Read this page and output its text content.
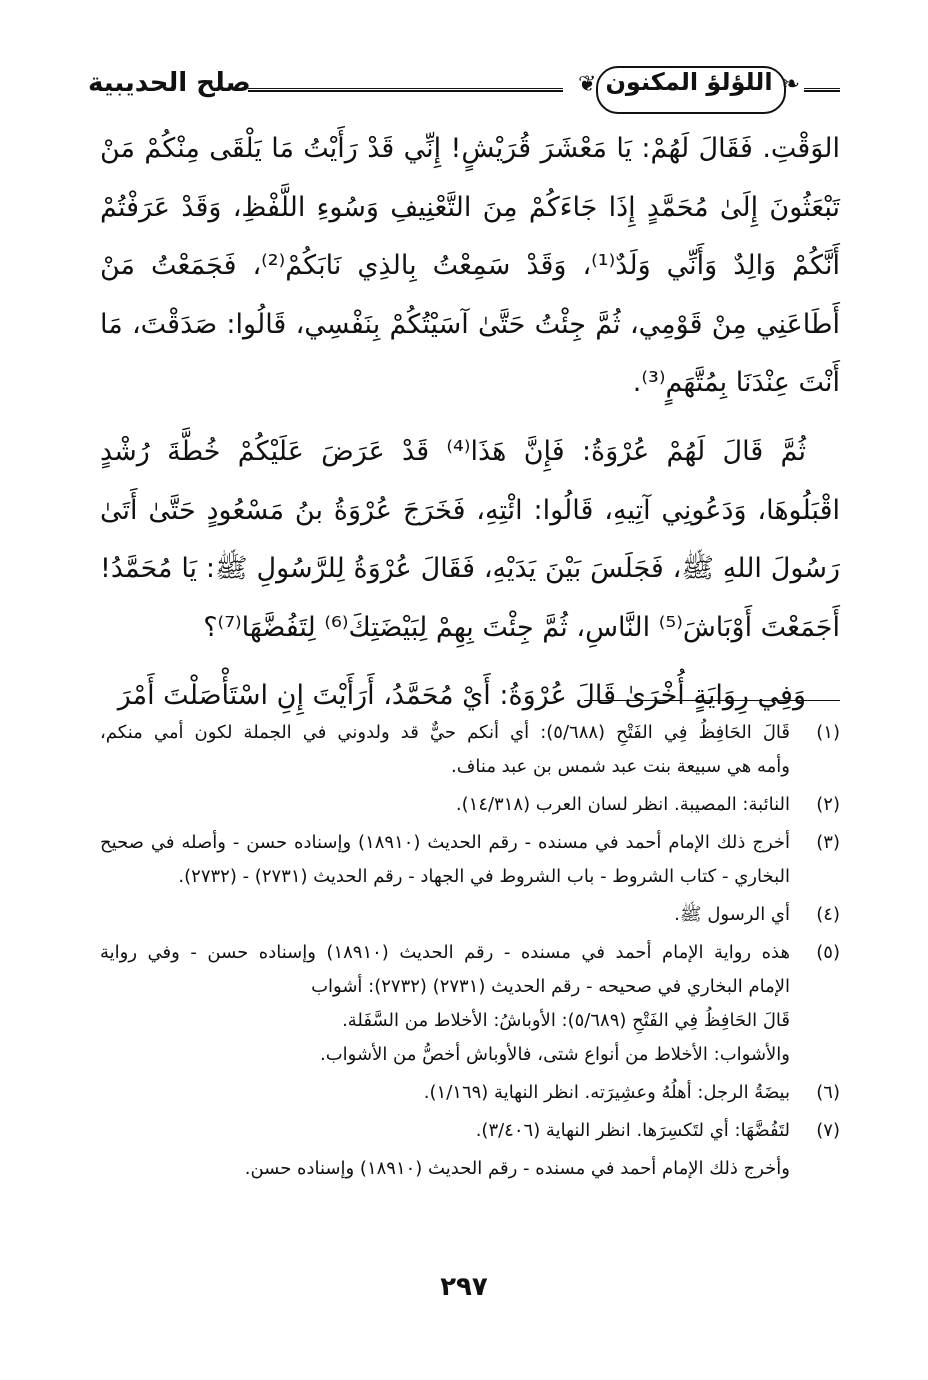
صلح الحديبية	❦ اللؤلؤ المكنون ❧

الوَقْتِ. فَقَالَ لَهُمْ: يَا مَعْشَرَ قُرَيْشٍ! إِنِّي قَدْ رَأَيْتُ مَا يَلْقَى مِنْكُمْ مَنْ تَبْعَثُونَ إِلَىٰ مُحَمَّدٍ إِذَا جَاءَكُمْ مِنَ التَّعْنِيفِ وَسُوءِ اللَّفْظِ، وَقَدْ عَرَفْتُمْ أَنَّكُمْ وَالِدٌ وَأَنِّي وَلَدٌ⁽¹⁾، وَقَدْ سَمِعْتُ بِالذِي نَابَكُمْ⁽²⁾، فَجَمَعْتُ مَنْ أَطَاعَنِي مِنْ قَوْمِي، ثُمَّ جِئْتُ حَتَّىٰ آسَيْتُكُمْ بِنَفْسِي، قَالُوا: صَدَقْتَ، مَا أَنْتَ عِنْدَنَا بِمُتَّهَمٍ⁽³⁾.

ثُمَّ قَالَ لَهُمْ عُرْوَةُ: فَإِنَّ هَذَا⁽⁴⁾ قَدْ عَرَضَ عَلَيْكُمْ خُطَّةَ رُشْدٍ اقْبَلُوهَا، وَدَعُونِي آتِيهِ، قَالُوا: ائْتِهِ، فَخَرَجَ عُرْوَةُ بنُ مَسْعُودٍ حَتَّىٰ أَتَىٰ رَسُولَ اللهِ ﷺ، فَجَلَسَ بَيْنَ يَدَيْهِ، فَقَالَ عُرْوَةُ لِلرَّسُولِ ﷺ: يَا مُحَمَّدُ! أَجَمَعْتَ أَوْبَاشَ⁽⁵⁾ النَّاسِ، ثُمَّ جِئْتَ بِهِمْ لِبَيْضَتِكَ⁽⁶⁾ لِتَفُضَّهَا⁽⁷⁾؟

وَفِي رِوَايَةٍ أُخْرَىٰ قَالَ عُرْوَةُ: أَيْ مُحَمَّدُ، أَرَأَيْتَ إِنِ اسْتَأْصَلْتَ أَمْرَ

(١)
قَالَ الحَافِظُ فِي الفَتْحِ (٥/٦٨٨): أي أنكم حيٌّ قد ولدوني في الجملة لكون أمي منكم،
وأمه هي سبيعة بنت عبد شمس بن عبد مناف.
(٢)
النائبة: المصيبة. انظر لسان العرب (١٤/٣١٨).
(٣)
أخرج ذلك الإمام أحمد في مسنده - رقم الحديث (١٨٩١٠) وإسناده حسن - وأصله في صحيح
البخاري - كتاب الشروط - باب الشروط في الجهاد - رقم الحديث (٢٧٣١) - (٢٧٣٢).
(٤)
أي الرسول ﷺ.
(٥)
هذه رواية الإمام أحمد في مسنده - رقم الحديث (١٨٩١٠) وإسناده حسن - وفي رواية
الإمام البخاري في صحيحه - رقم الحديث (٢٧٣١) (٢٧٣٢): أشواب
قَالَ الحَافِظُ فِي الفَتْحِ (٥/٦٨٩): الأوباشُ: الأخلاط من السَّفَلة.
والأشواب: الأخلاط من أنواع شتى، فالأوباش أخصُّ من الأشواب.
(٦)
بيضَةُ الرجل: أهلُهُ وعشِيرَته. انظر النهاية (١/١٦٩).
(٧)
لتَفُضَّهَا: أي لتَكسِرَها. انظر النهاية (٣/٤٠٦).
وأخرج ذلك الإمام أحمد في مسنده - رقم الحديث (١٨٩١٠) وإسناده حسن.
٢٩٧
